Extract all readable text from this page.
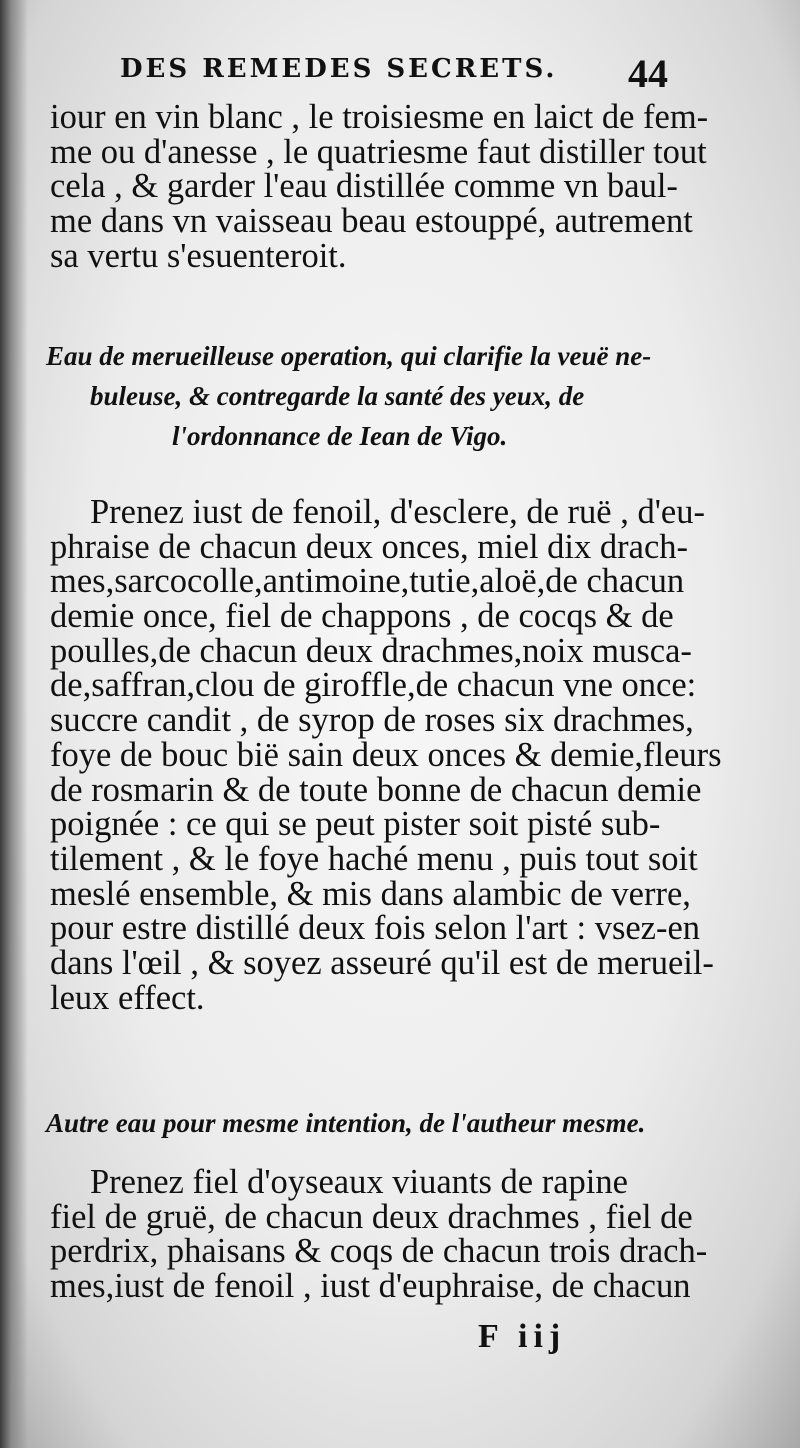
DES REMEDES SECRETS. 44
iour en vin blanc , le troisiesme en laict de fem-
me ou d'anesse , le quatriesme faut distiller tout
cela , & garder l'eau distillée comme vn baul-
me dans vn vaisseau beau estouppé, autrement
sa vertu s'esuenteroit.
Eau de merueilleuse operation, qui clarifie la veuë ne-
buleuse, & contregarde la santé des yeux, de
l'ordonnance de Iean de Vigo.
Prenez iust de fenoil, d'esclere, de ruë , d'eu-
phraise de chacun deux onces, miel dix drach-
mes,sarcocolle,antimoine,tutie,aloë,de chacun
demie once, fiel de chappons , de cocqs & de
poulles,de chacun deux drachmes,noix musca-
de,saffran,clou de giroffle,de chacun vne once:
succre candit , de syrop de roses six drachmes,
foye de bouc bië sain deux onces & demie,fleurs
de rosmarin & de toute bonne de chacun demie
poignée : ce qui se peut pister soit pisté sub-
tilement , & le foye haché menu , puis tout soit
meslé ensemble, & mis dans alambic de verre,
pour estre distillé deux fois selon l'art : vsez-en
dans l'œil , & soyez asseuré qu'il est de merueil-
leux effect.
Autre eau pour mesme intention, de l'autheur mesme.
Prenez fiel d'oyseaux viuants de rapine
fiel de gruë, de chacun deux drachmes , fiel de
perdrix, phaisans & coqs de chacun trois drach-
mes,iust de fenoil , iust d'euphraise, de chacun
F iij
